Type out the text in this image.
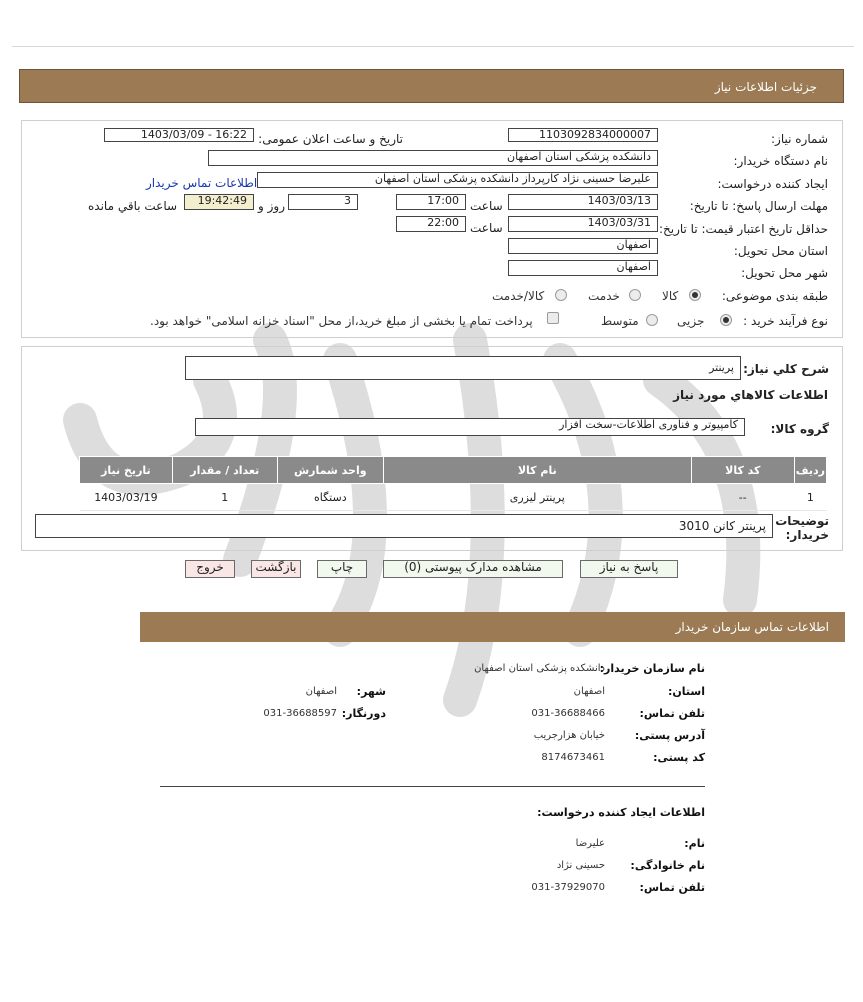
جزئیات اطلاعات نیاز
شماره نیاز:
1103092834000007
تاریخ و ساعت اعلان عمومی:
1403/03/09 - 16:22
نام دستگاه خريدار:
دانشکده پزشکی استان اصفهان
ایجاد کننده درخواست:
علیرضا حسینی نژاد کارپرداز دانشکده پزشکی استان اصفهان
اطلاعات تماس خریدار
مهلت ارسال پاسخ: تا تاریخ:
1403/03/13
ساعت
17:00
3
روز و
19:42:49
ساعت باقي مانده
حداقل تاریخ اعتبار قیمت: تا تاریخ:
1403/03/31
ساعت
22:00
استان محل تحویل:
اصفهان
شهر محل تحویل:
اصفهان
طبقه بندی موضوعی:
کالا
خدمت
کالا/خدمت
نوع فرآیند خرید :
جزیی
متوسط
پرداخت تمام یا بخشی از مبلغ خرید،از محل "اسناد خزانه اسلامی" خواهد بود.
شرح كلي نياز:
پرینتر
اطلاعات كالاهاي مورد نياز
گروه کالا:
کامپیوتر و فناوری اطلاعات-سخت افزار
رديف	کد کالا	نام کالا	واحد شمارش	تعداد / مقدار	تاریخ نیاز
1	--	پرینتر لیزری	دستگاه	1	1403/03/19
توضیحات خریدار:
پرینتر کانن 3010
پاسخ به نیاز
مشاهده مدارک پیوستی (0)
چاپ
بازگشت
خروج
اطلاعات تماس سازمان خریدار
نام سازمان خریدار:
دانشکده پزشکی استان اصفهان
استان:
اصفهان
شهر:
اصفهان
تلفن تماس:
031-36688466
دورنگار:
031-36688597
آدرس پستی:
خیابان هزارجریب
کد پستی:
8174673461
اطلاعات ایجاد کننده درخواست:
نام:
علیرضا
نام خانوادگی:
حسینی نژاد
تلفن تماس:
031-37929070
